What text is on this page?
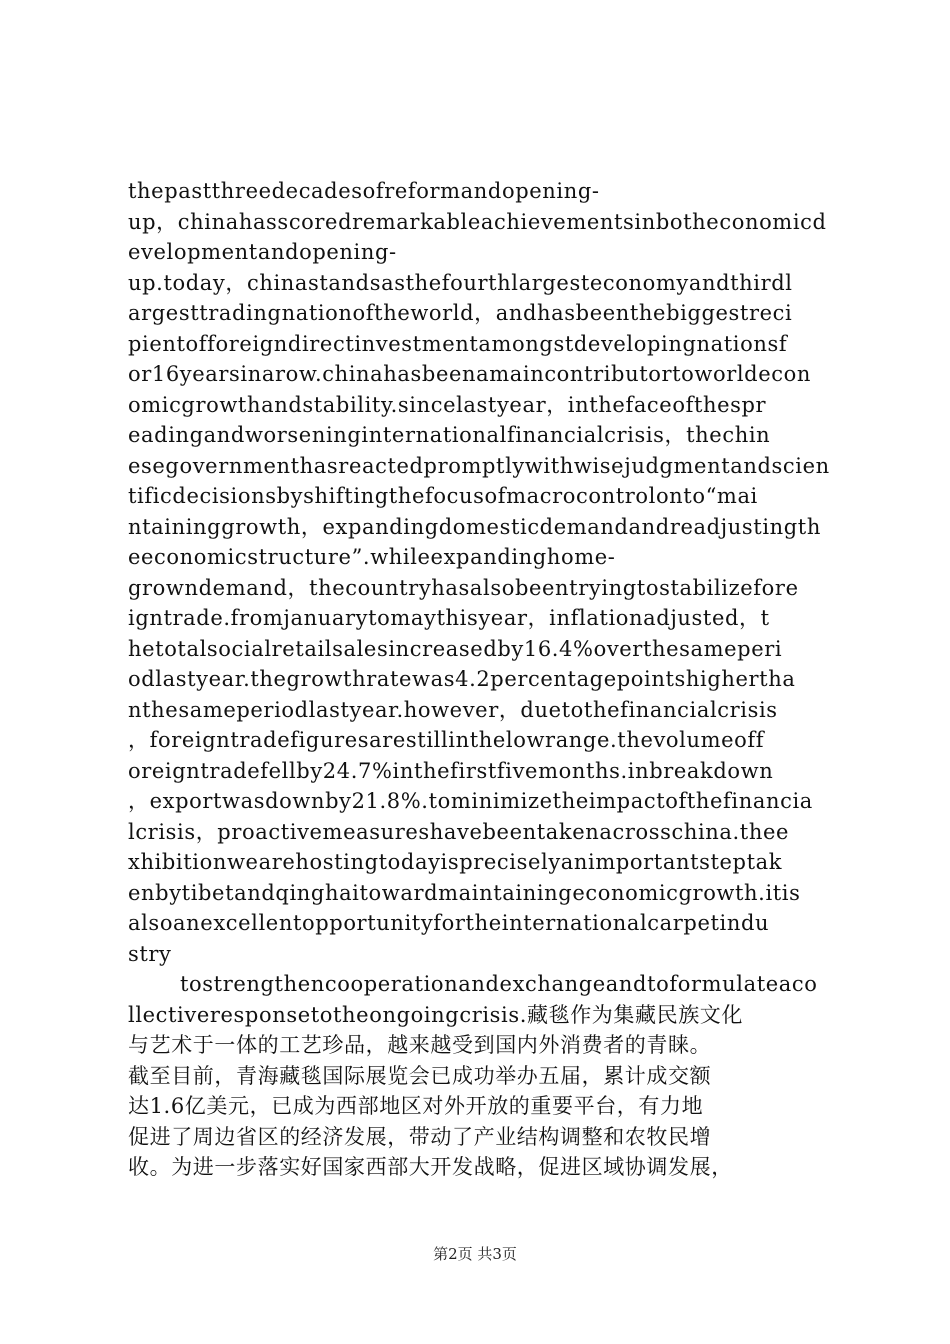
thepastthreedecadesofreformandopening-
up，chinahasscoredremarkableachievementsinbotheconomicd
evelopmentandopening-
up.today，chinastandsasthefourthlargesteconomyandthirdl
argesttradingnationoftheworld，andhasbeenthebiggestreci
pientofforeigndirectinvestmentamongstdevelopingnationsf
or16yearsinarow.chinahasbeenamaincontributortoworldecon
omicgrowthandstability.sincelastyear，inthefaceofthespr
eadingandworseninginternationalfinancialcrisis，thechin
esegovernmenthasreactedpromptlywithwisejudgmentandscien
tificdecisionsbyshiftingthefocusofmacrocontrolonto“mai
ntaininggrowth，expandingdomesticdemandandreadjustingth
eeconomicstructure”.whileexpandinghome-
growndemand，thecountryhasalsobeentryingtostabilizefore
igntrade.fromjanuarytomaythisyear，inflationadjusted，t
hetotalsocialretailsalesincreasedby16.4%overthesameperi
odlastyear.thegrowthratewas4.2percentagepointshigherthа
nthesameperiodlastyear.however，duetothefinancialcrisis
，foreigntradefiguresarestillinthelowrange.thevolumeoff
oreigntradefellby24.7%inthefirstfivemonths.inbreakdown
，exportwasdownby21.8%.tominimizetheimpactofthefinancia
lcrisis，proactivemeasureshavebeentakenacrosschina.thee
xhibitionwearehostingtodayispreciselyanimportantsteptak
enbytibetandqinghaitowardmaintainingeconomicgrowth.itis
alsoanexcellentopportunityfortheinternationalcarpetindu
stry
tostrengthencooperationandexchangeandtoformulateaco
llectiveresponsetotheongoingcrisis.藏毯作为集藏民族文化
与艺术于一体的工艺珍品，越来越受到国内外消费者的青睐。
截至目前，青海藏毯国际展览会已成功举办五届，累计成交额
达1.6亿美元，已成为西部地区对外开放的重要平台，有力地
促进了周边省区的经济发展，带动了产业结构调整和农牧民增
收。为进一步落实好国家西部大开发战略，促进区域协调发展，
第2页 共3页
